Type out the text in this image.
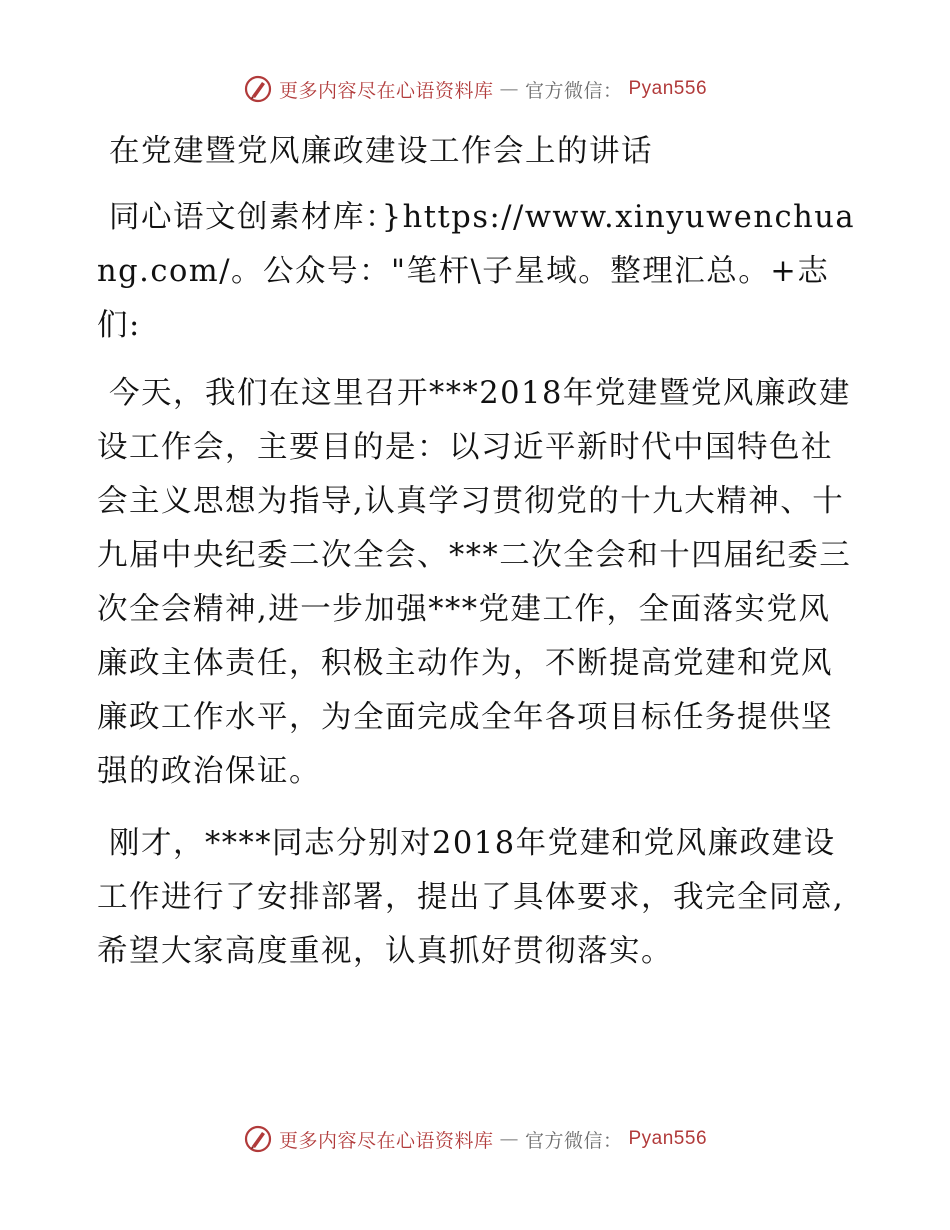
更多内容尽在心语资料库 — 官方微信： Pyan556

在党建暨党风廉政建设工作会上的讲话

同心语文创素材库：}https://www.xinyuwenchuang.com/。公众号："笔杆\子星域。整理汇总。+志们:

今天，我们在这里召开***2018年党建暨党风廉政建设工作会，主要目的是：以习近平新时代中国特色社会主义思想为指导,认真学习贯彻党的十九大精神、十九届中央纪委二次全会、***二次全会和十四届纪委三次全会精神,进一步加强***党建工作，全面落实党风廉政主体责任，积极主动作为，不断提高党建和党风廉政工作水平，为全面完成全年各项目标任务提供坚强的政治保证。

刚才，****同志分别对2018年党建和党风廉政建设工作进行了安排部署，提出了具体要求，我完全同意,希望大家高度重视，认真抓好贯彻落实。

更多内容尽在心语资料库 — 官方微信： Pyan556
